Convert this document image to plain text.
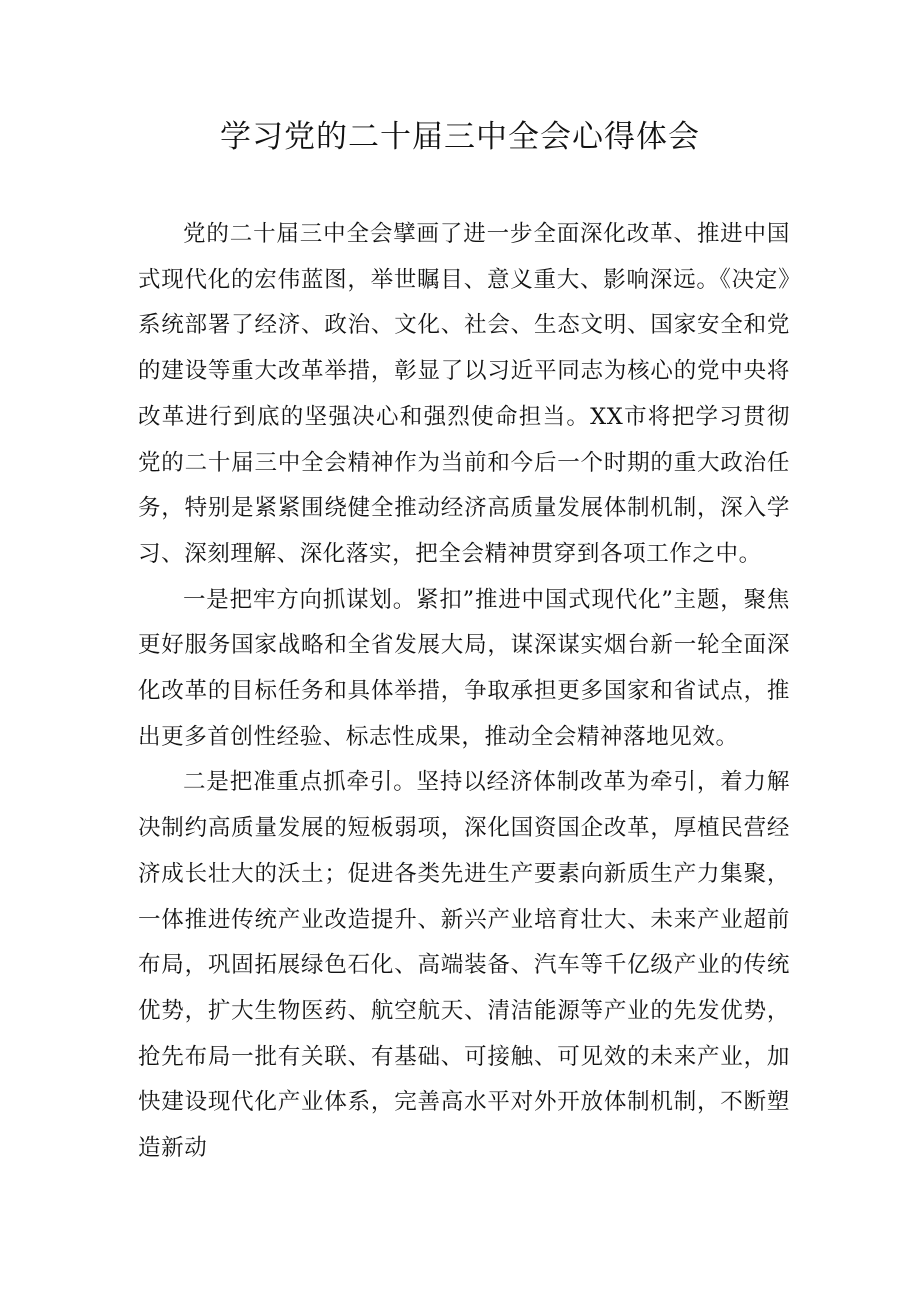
学习党的二十届三中全会心得体会

党的二十届三中全会擘画了进一步全面深化改革、推进中国式现代化的宏伟蓝图，举世瞩目、意义重大、影响深远。《决定》系统部署了经济、政治、文化、社会、生态文明、国家安全和党的建设等重大改革举措，彰显了以习近平同志为核心的党中央将改革进行到底的坚强决心和强烈使命担当。XX市将把学习贯彻党的二十届三中全会精神作为当前和今后一个时期的重大政治任务，特别是紧紧围绕健全推动经济高质量发展体制机制，深入学习、深刻理解、深化落实，把全会精神贯穿到各项工作之中。

一是把牢方向抓谋划。紧扣”推进中国式现代化”主题，聚焦更好服务国家战略和全省发展大局，谋深谋实烟台新一轮全面深化改革的目标任务和具体举措，争取承担更多国家和省试点，推出更多首创性经验、标志性成果，推动全会精神落地见效。

二是把准重点抓牵引。坚持以经济体制改革为牵引，着力解决制约高质量发展的短板弱项，深化国资国企改革，厚植民营经济成长壮大的沃土；促进各类先进生产要素向新质生产力集聚，一体推进传统产业改造提升、新兴产业培育壮大、未来产业超前布局，巩固拓展绿色石化、高端装备、汽车等千亿级产业的传统优势，扩大生物医药、航空航天、清洁能源等产业的先发优势，抢先布局一批有关联、有基础、可接触、可见效的未来产业，加快建设现代化产业体系，完善高水平对外开放体制机制，不断塑造新动
